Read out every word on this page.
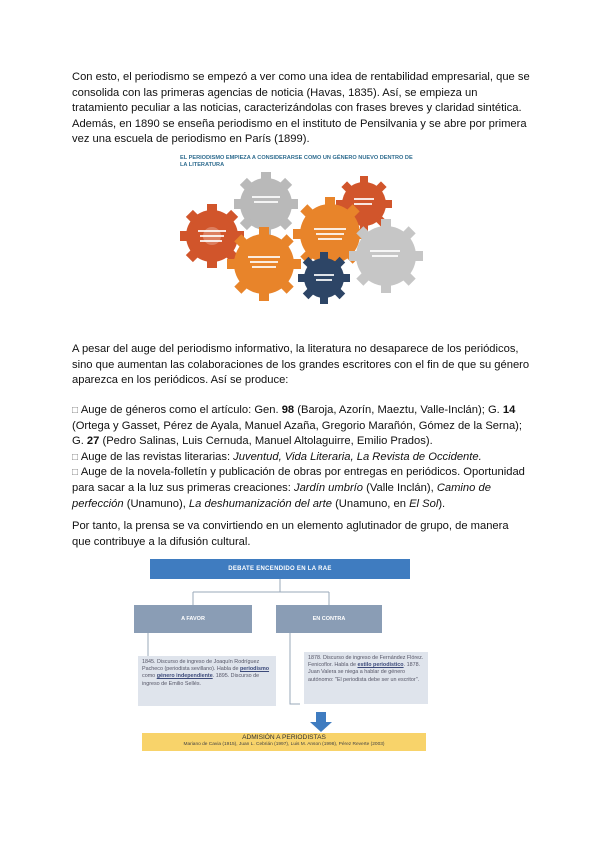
Con esto, el periodismo se empezó a ver como una idea de rentabilidad empresarial, que se consolida con las primeras agencias de noticia (Havas, 1835). Así, se empieza un tratamiento peculiar a las noticias, caracterizándolas con frases breves y claridad sintética. Además, en 1890 se enseña periodismo en el instituto de Pensilvania y se abre por primera vez una escuela de periodismo en París (1899).

EL PERIODISMO EMPIEZA A CONSIDERARSE COMO UN GÉNERO NUEVO DENTRO DE LA LITERATURA

A pesar del auge del periodismo informativo, la literatura no desaparece de los periódicos, sino que aumentan las colaboraciones de los grandes escritores con el fin de que su género aparezca en los periódicos. Así se produce:

□ Auge de géneros como el artículo: Gen. 98 (Baroja, Azorín, Maeztu, Valle-Inclán); G. 14 (Ortega y Gasset, Pérez de Ayala, Manuel Azaña, Gregorio Marañón, Gómez de la Serna); G. 27 (Pedro Salinas, Luis Cernuda, Manuel Altolaguirre, Emilio Prados).
□ Auge de las revistas literarias: Juventud, Vida Literaria, La Revista de Occidente.
□ Auge de la novela-folletín y publicación de obras por entregas en periódicos. Oportunidad para sacar a la luz sus primeras creaciones: Jardín umbrío (Valle Inclán), Camino de perfección (Unamuno), La deshumanización del arte (Unamuno, en El Sol).

Por tanto, la prensa se va convirtiendo en un elemento aglutinador de grupo, de manera que contribuye a la difusión cultural.

DEBATE ENCENDIDO EN LA RAE
A FAVOR	EN CONTRA
1845. Discurso de ingreso de Joaquín Rodríguez Pacheco (periodista sevillano). Habla de periodismo como género independiente. 1895. Discurso de ingreso de Emilio Sellés.
1878. Discurso de ingreso de Fernández Flórez. Fenicoflor. Habla de estilo periodístico. 1878. Juan Valera se niega a hablar de género autónomo: "El periodista debe ser un escritor".
ADMISIÓN A PERIODISTAS
Mariano de Cavia (1915), Juan L. Cebrián (1997), Luis M. Anson (1998), Pérez Reverte (2003)
